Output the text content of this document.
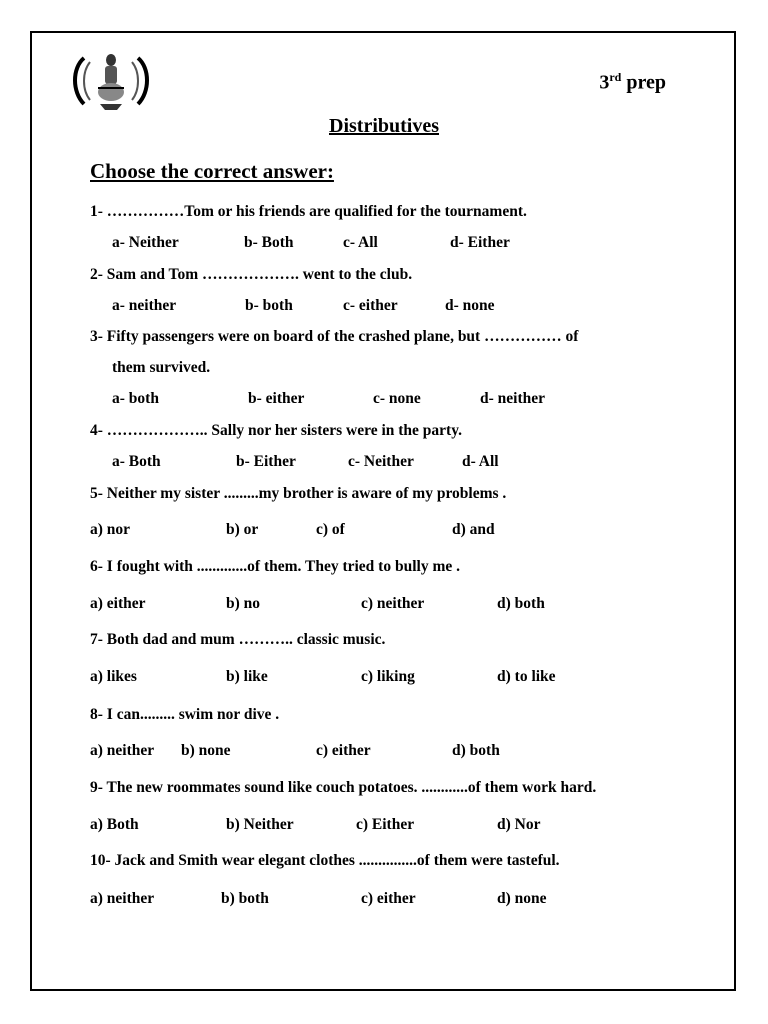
3rd prep
Distributives
Choose the correct answer:
1- ……………Tom or his friends are qualified for the tournament.
a- Neither	b- Both	c- All	d- Either
2- Sam and Tom ………………. went to the club.
a- neither	b- both	c- either	d- none
3- Fifty passengers were on board of the crashed plane, but …………… of
them survived.
a- both	b- either	c- none	d- neither
4- ……………….. Sally nor her sisters were in the party.
a- Both	b- Either	c- Neither	d- All
5- Neither my sister .........my brother is aware of my problems .
a) nor	b) or	c) of	d) and
6- I fought with .............of them. They tried to bully me .
a) either	b) no	c) neither	d) both
7- Both dad and mum ……….. classic music.
a) likes	b) like	c) liking	d) to like
8- I can......... swim nor dive .
a) neither b) none	c) either	d) both
9- The new roommates sound like couch potatoes. ............of them work hard.
a) Both	b) Neither	c) Either	d) Nor
10- Jack and Smith wear elegant clothes ...............of them were tasteful.
a) neither	b) both	c) either	d) none
